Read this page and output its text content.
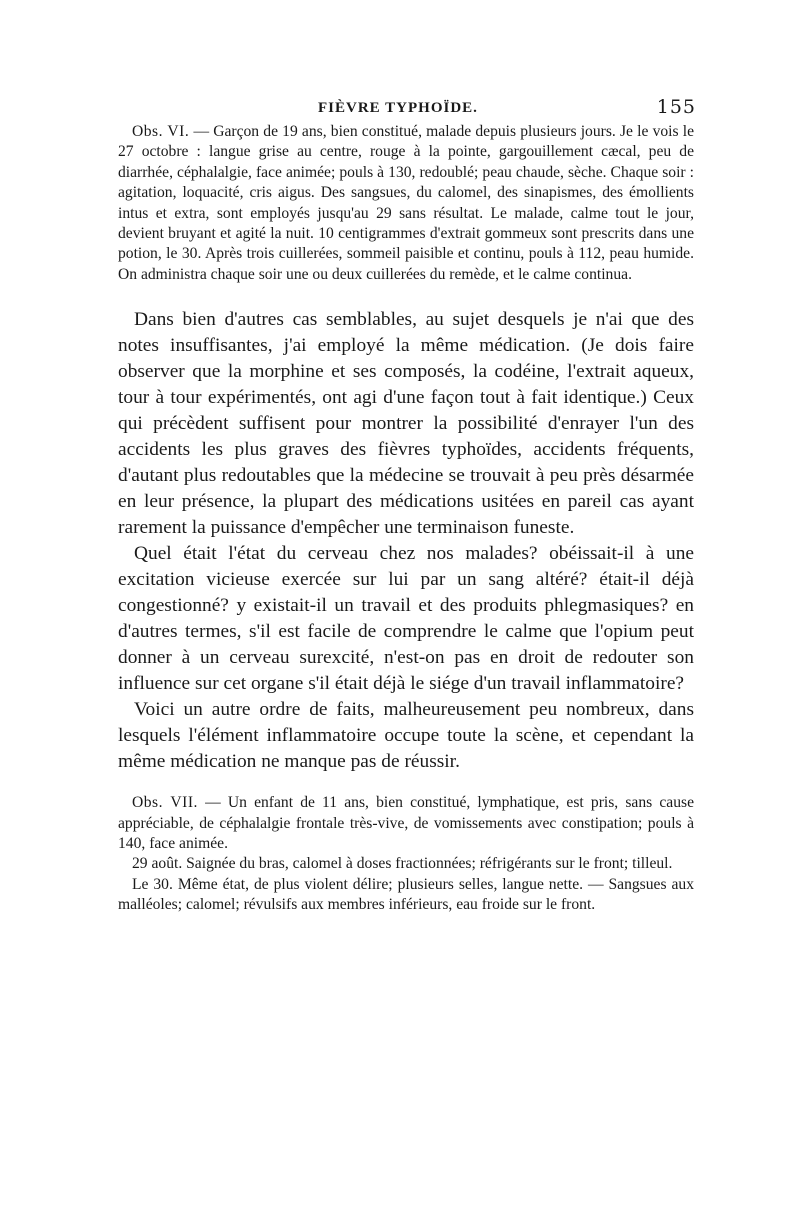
FIÈVRE TYPHOÏDE.	155

Obs. VI. — Garçon de 19 ans, bien constitué, malade depuis plusieurs jours. Je le vois le 27 octobre : langue grise au centre, rouge à la pointe, gargouillement cæcal, peu de diarrhée, céphalalgie, face animée; pouls à 130, redoublé; peau chaude, sèche. Chaque soir : agitation, loquacité, cris aigus. Des sangsues, du calomel, des sinapismes, des émollients intus et extra, sont employés jusqu'au 29 sans résultat. Le malade, calme tout le jour, devient bruyant et agité la nuit. 10 centigrammes d'extrait gommeux sont prescrits dans une potion, le 30. Après trois cuillerées, sommeil paisible et continu, pouls à 112, peau humide. On administra chaque soir une ou deux cuillerées du remède, et le calme continua.

Dans bien d'autres cas semblables, au sujet desquels je n'ai que des notes insuffisantes, j'ai employé la même médication. (Je dois faire observer que la morphine et ses composés, la codéine, l'extrait aqueux, tour à tour expérimentés, ont agi d'une façon tout à fait identique.) Ceux qui précèdent suffisent pour montrer la possibilité d'enrayer l'un des accidents les plus graves des fièvres typhoïdes, accidents fréquents, d'autant plus redoutables que la médecine se trouvait à peu près désarmée en leur présence, la plupart des médications usitées en pareil cas ayant rarement la puissance d'empêcher une terminaison funeste.

Quel était l'état du cerveau chez nos malades? obéissait-il à une excitation vicieuse exercée sur lui par un sang altéré? était-il déjà congestionné? y existait-il un travail et des produits phlegmasiques? en d'autres termes, s'il est facile de comprendre le calme que l'opium peut donner à un cerveau surexcité, n'est-on pas en droit de redouter son influence sur cet organe s'il était déjà le siége d'un travail inflammatoire?

Voici un autre ordre de faits, malheureusement peu nombreux, dans lesquels l'élément inflammatoire occupe toute la scène, et cependant la même médication ne manque pas de réussir.

Obs. VII. — Un enfant de 11 ans, bien constitué, lymphatique, est pris, sans cause appréciable, de céphalalgie frontale très-vive, de vomissements avec constipation; pouls à 140, face animée.

29 août. Saignée du bras, calomel à doses fractionnées; réfrigérants sur le front; tilleul.

Le 30. Même état, de plus violent délire; plusieurs selles, langue nette. — Sangsues aux malléoles; calomel; révulsifs aux membres inférieurs, eau froide sur le front.
